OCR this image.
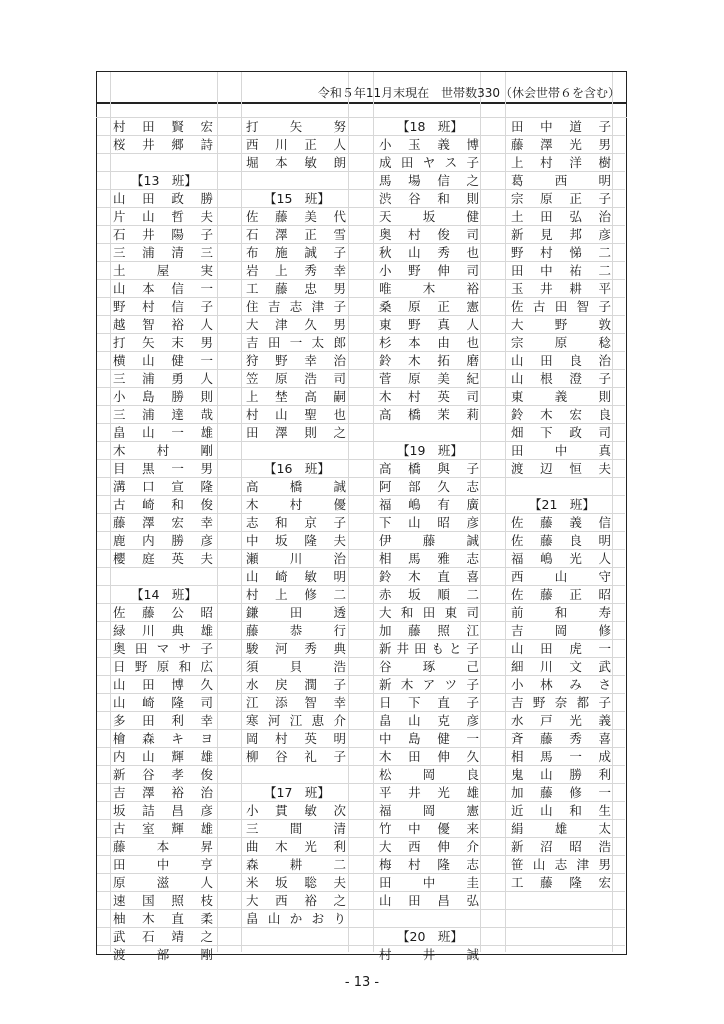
令和５年11月末現在　世帯数330（休会世帯６を含む）
村 田 賢 宏
桜 井 郷 詩
【13　班】
山 田 政 勝
片 山 哲 夫
石 井 陽 子
三 浦 清 三
土 屋 実
山 本 信 一
野 村 信 子
越 智 裕 人
打 矢 末 男
横 山 健 一
三 浦 勇 人
小 島 勝 則
三 浦 達 哉
畠 山 一 雄
木 村 剛
目 黒 一 男
溝 口 宣 隆
古 崎 和 俊
藤 澤 宏 幸
鹿 内 勝 彦
櫻 庭 英 夫
【14　班】
佐 藤 公 昭
緑 川 典 雄
奥 田 マ サ 子
日 野 原 和 広
山 田 博 久
山 崎 隆 司
多 田 利 幸
檜 森 キ ヨ
内 山 輝 雄
新 谷 孝 俊
吉 澤 裕 治
坂 詰 昌 彦
古 室 輝 雄
藤 本 昇
田 中 亨
原 滋 人
速 国 照 枝
柚 木 直 柔
武 石 靖 之
渡 部 剛
打 矢 努
西 川 正 人
堀 本 敏 朗
【15　班】
佐 藤 美 代
石 澤 正 雪
布 施 誠 子
岩 上 秀 幸
工 藤 忠 男
住 吉 志 津 子
大 津 久 男
吉 田 一 太 郎
狩 野 幸 治
笠 原 浩 司
上 埜 高 嗣
村 山 聖 也
田 澤 則 之
【16　班】
高 橋 誠
木 村 優
志 和 京 子
中 坂 隆 夫
瀬 川 治
山 崎 敏 明
村 上 修 二
鎌 田 透
藤 恭 行
駿 河 秀 典
須 貝 浩
水 戻 潤 子
江 添 智 幸
寒 河 江 恵 介
岡 村 英 明
柳 谷 礼 子
【17　班】
小 貫 敏 次
三 間 清
曲 木 光 利
森 耕 二
米 坂 聡 夫
大 西 裕 之
畠 山 か お り
【18　班】
小 玉 義 博
成 田 ヤ ス 子
馬 場 信 之
渋 谷 和 則
天 坂 健
奥 村 俊 司
秋 山 秀 也
小 野 伸 司
唯 木 裕
桑 原 正 憲
東 野 真 人
杉 本 由 也
鈴 木 拓 磨
菅 原 美 紀
木 村 英 司
高 橋 茉 莉
【19　班】
高 橋 與 子
阿 部 久 志
福 嶋 有 廣
下 山 昭 彦
伊 藤 誠
相 馬 雅 志
鈴 木 直 喜
赤 坂 順 二
大 和 田 東 司
加 藤 照 江
新 井 田 も と 子
谷 琢 己
新 木 ア ツ 子
日 下 直 子
畠 山 克 彦
中 島 健 一
木 田 伸 久
松 岡 良
平 井 光 雄
福 岡 憲
竹 中 優 来
大 西 伸 介
梅 村 隆 志
田 中 圭
山 田 昌 弘
【20　班】
村 井 誠
田 中 道 子
藤 澤 光 男
上 村 洋 樹
葛 西 明
宗 原 正 子
土 田 弘 治
新 見 邦 彦
野 村 悌 二
田 中 祐 二
玉 井 耕 平
佐 古 田 智 子
大 野 敦
宗 原 稔
山 田 良 治
山 根 澄 子
東 義 則
鈴 木 宏 良
畑 下 政 司
田 中 真
渡 辺 恒 夫
【21　班】
佐 藤 義 信
佐 藤 良 明
福 嶋 光 人
西 山 守
佐 藤 正 昭
前 和 寿
吉 岡 修
山 田 虎 一
細 川 文 武
小 林 み さ
吉 野 奈 都 子
水 戸 光 義
斉 藤 秀 喜
相 馬 一 成
鬼 山 勝 利
加 藤 修 一
近 山 和 生
絹 雄 太
新 沼 昭 浩
笹 山 志 津 男
工 藤 隆 宏
- 13 -
